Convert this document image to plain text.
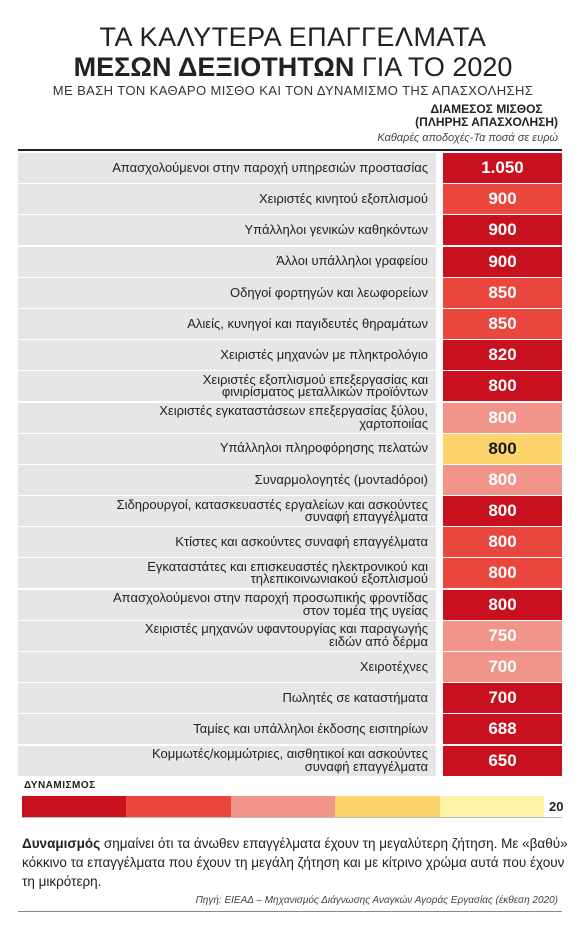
ΤΑ ΚΑΛΥΤΕΡΑ ΕΠΑΓΓΕΛΜΑΤΑ
ΜΕΣΩΝ ΔΕΞΙΟΤΗΤΩΝ ΓΙΑ ΤΟ 2020
ΜΕ ΒΑΣΗ ΤΟΝ ΚΑΘΑΡΟ ΜΙΣΘΟ ΚΑΙ ΤΟΝ ΔΥΝΑΜΙΣΜΟ ΤΗΣ ΑΠΑΣΧΟΛΗΣΗΣ
ΔΙΑΜΕΣΟΣ ΜΙΣΘΟΣ
(ΠΛΗΡΗΣ ΑΠΑΣΧΟΛΗΣΗ)
Καθαρές αποδοχές-Τα ποσά σε ευρώ
Απασχολούμενοι στην παροχή υπηρεσιών προστασίας	1.050
Χειριστές κινητού εξοπλισμού	900
Υπάλληλοι γενικών καθηκόντων	900
Άλλοι υπάλληλοι γραφείου	900
Οδηγοί φορτηγών και λεωφορείων	850
Αλιείς, κυνηγοί και παγιδευτές θηραμάτων	850
Χειριστές μηχανών με πληκτρολόγιο	820
Χειριστές εξοπλισμού επεξεργασίας και
φινιρίσματος μεταλλικών προϊόντων	800
Χειριστές εγκαταστάσεων επεξεργασίας ξύλου,
χαρτοποιίας	800
Υπάλληλοι πληροφόρησης πελατών	800
Συναρμολογητές (μοντadόροι)	800
Σιδηρουργοί, κατασκευαστές εργαλείων και ασκούντες
συναφή επαγγέλματα	800
Κτίστες και ασκούντες συναφή επαγγέλματα	800
Εγκαταστάτες και επισκευαστές ηλεκτρονικού και
τηλεπικοινωνιακού εξοπλισμού	800
Απασχολούμενοι στην παροχή προσωπικής φροντίδας
στον τομέα της υγείας	800
Χειριστές μηχανών υφαντουργίας και παραγωγής
ειδών από δέρμα	750
Χειροτέχνες	700
Πωλητές σε καταστήματα	700
Ταμίες και υπάλληλοι έκδοσης εισιτηρίων	688
Κομμωτές/κομμώτριες, αισθητικοί και ασκούντες
συναφή επαγγέλματα	650
ΔΥΝΑΜΙΣΜΟΣ
20
Δυναμισμός σημαίνει ότι τα άνωθεν επαγγέλματα έχουν τη μεγαλύτερη ζήτηση. Με «βαθύ» κόκκινο τα επαγγέλματα που έχουν τη μεγάλη ζήτηση και με κίτρινο χρώμα αυτά που έχουν τη μικρότερη.
Πηγή: ΕΙΕΑΔ – Μηχανισμός Διάγνωσης Αναγκών Αγοράς Εργασίας (έκθεση 2020)
